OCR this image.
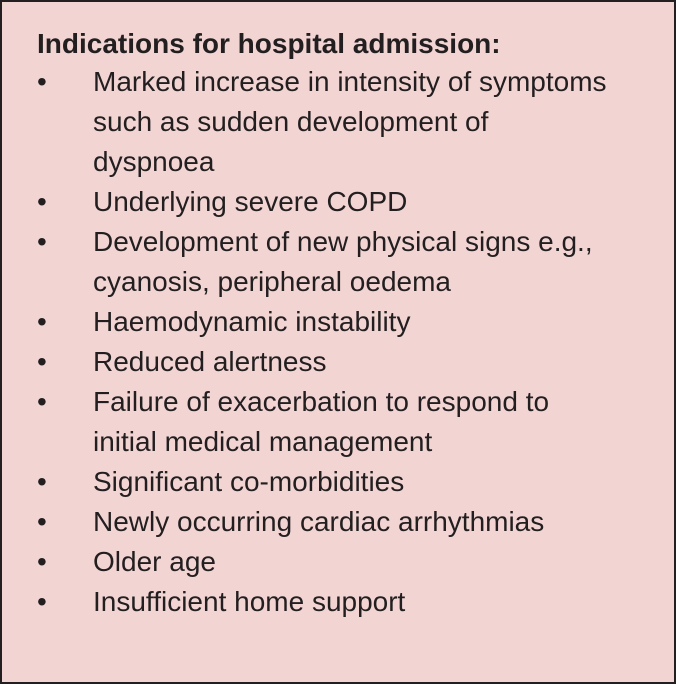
Indications for hospital admission:
•	Marked increase in intensity of symptoms
such as sudden development of
dyspnoea
•	Underlying severe COPD
•	Development of new physical signs e.g.,
cyanosis, peripheral oedema
•	Haemodynamic instability
•	Reduced alertness
•	Failure of exacerbation to respond to
initial medical management
•	Significant co-morbidities
•	Newly occurring cardiac arrhythmias
•	Older age
•	Insufficient home support
